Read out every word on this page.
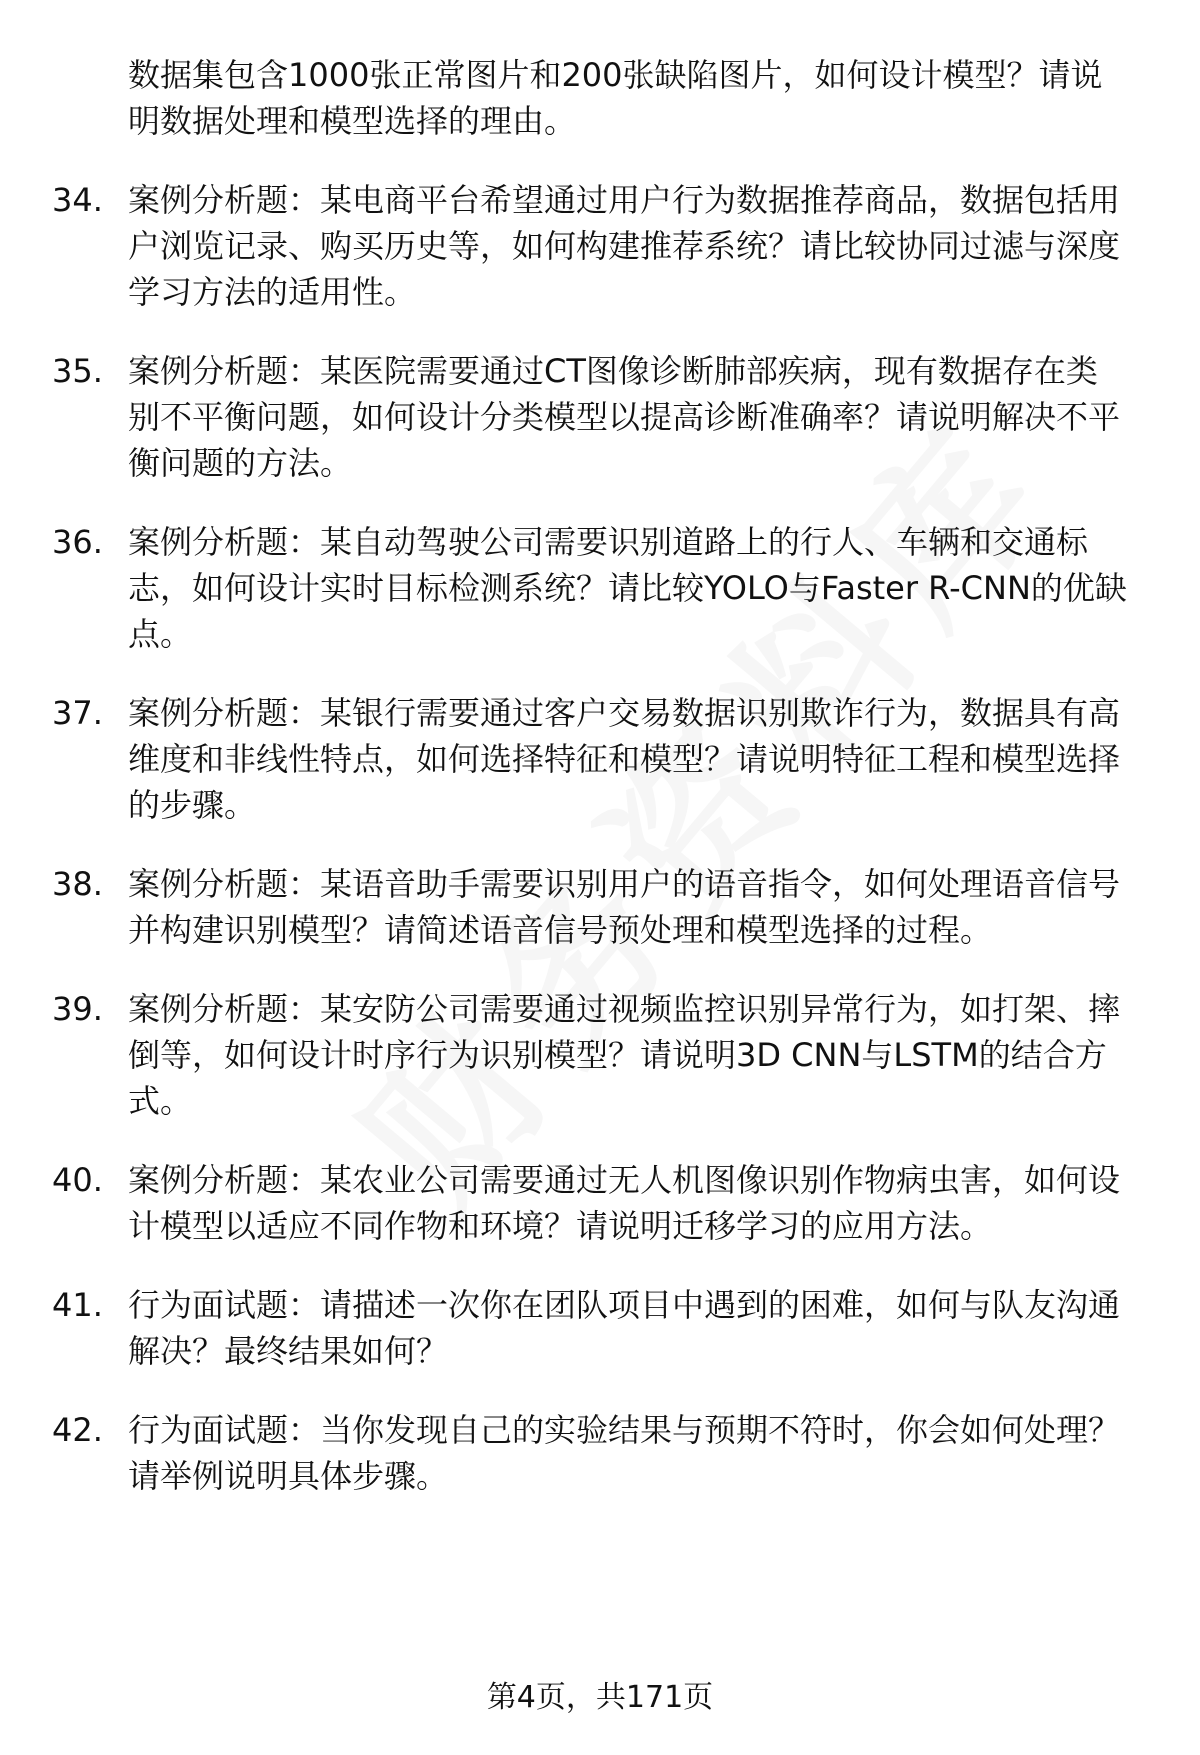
数据集包含1000张正常图片和200张缺陷图片，如何设计模型？请说明数据处理和模型选择的理由。
34. 案例分析题：某电商平台希望通过用户行为数据推荐商品，数据包括用户浏览记录、购买历史等，如何构建推荐系统？请比较协同过滤与深度学习方法的适用性。
35. 案例分析题：某医院需要通过CT图像诊断肺部疾病，现有数据存在类别不平衡问题，如何设计分类模型以提高诊断准确率？请说明解决不平衡问题的方法。
36. 案例分析题：某自动驾驶公司需要识别道路上的行人、车辆和交通标志，如何设计实时目标检测系统？请比较YOLO与Faster R-CNN的优缺点。
37. 案例分析题：某银行需要通过客户交易数据识别欺诈行为，数据具有高维度和非线性特点，如何选择特征和模型？请说明特征工程和模型选择的步骤。
38. 案例分析题：某语音助手需要识别用户的语音指令，如何处理语音信号并构建识别模型？请简述语音信号预处理和模型选择的过程。
39. 案例分析题：某安防公司需要通过视频监控识别异常行为，如打架、摔倒等，如何设计时序行为识别模型？请说明3D CNN与LSTM的结合方式。
40. 案例分析题：某农业公司需要通过无人机图像识别作物病虫害，如何设计模型以适应不同作物和环境？请说明迁移学习的应用方法。
41. 行为面试题：请描述一次你在团队项目中遇到的困难，如何与队友沟通解决？最终结果如何？
42. 行为面试题：当你发现自己的实验结果与预期不符时，你会如何处理？请举例说明具体步骤。
第4页，共171页
